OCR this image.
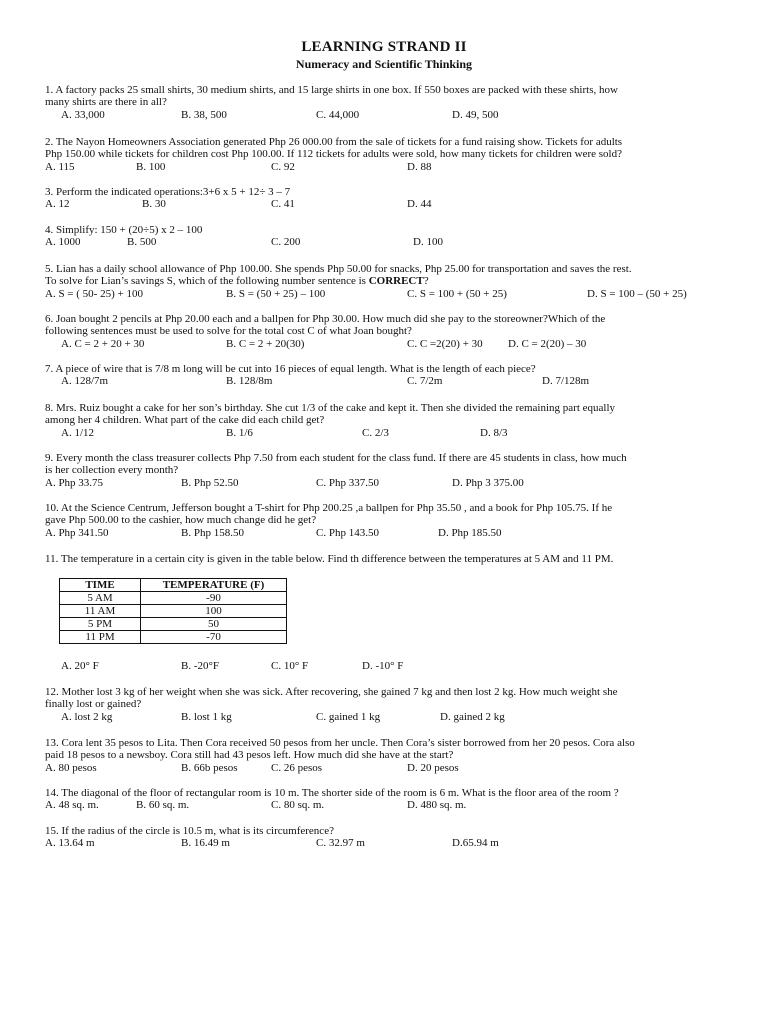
LEARNING STRAND II
Numeracy and Scientific Thinking
1. A factory packs 25 small shirts, 30 medium shirts, and 15 large shirts in one box. If 550 boxes are packed with these shirts, how
many shirts are there in all?
A. 33,000	B. 38, 500	C. 44,000	D. 49, 500
2. The Nayon Homeowners Association generated Php 26 000.00 from the sale of tickets for a fund raising show. Tickets for adults
Php 150.00 while tickets for children cost Php 100.00. If 112 tickets for adults were sold, how many tickets for children were sold?
A. 115	B. 100	C. 92	D. 88
3. Perform the indicated operations:3+6 x 5 + 12÷ 3 – 7
A. 12	B. 30	C. 41	D. 44
4. Simplify: 150 + (20÷5) x 2 – 100
A. 1000	B. 500	C. 200	D. 100
5. Lian has a daily school allowance of Php 100.00. She spends Php 50.00 for snacks, Php 25.00 for transportation and saves the rest.
To solve for Lian’s savings S, which of the following number sentence is CORRECT?
A. S = ( 50- 25) + 100	B. S = (50 + 25) – 100	C. S = 100 + (50 + 25)	D. S = 100 – (50 + 25)
6. Joan bought 2 pencils at Php 20.00 each and a ballpen for Php 30.00. How much did she pay to the storeowner?Which of the
following sentences must be used to solve for the total cost C of what Joan bought?
A. C = 2 + 20 + 30	B. C = 2 + 20(30)	C. C =2(20) + 30 D. C = 2(20) – 30
7. A piece of wire that is 7/8 m long will be cut into 16 pieces of equal length. What is the length of each piece?
A. 128/7m	B. 128/8m	C. 7/2m	D. 7/128m
8. Mrs. Ruiz bought a cake for her son’s birthday. She cut 1/3 of the cake and kept it. Then she divided the remaining part equally
among her 4 children. What part of the cake did each child get?
A. 1/12	B. 1/6	C. 2/3	D. 8/3
9. Every month the class treasurer collects Php 7.50 from each student for the class fund. If there are 45 students in class, how much
is her collection every month?
A. Php 33.75	B. Php 52.50	C. Php 337.50	D. Php 3 375.00
10. At the Science Centrum, Jefferson bought a T-shirt for Php 200.25 ,a ballpen for Php 35.50 , and a book for Php 105.75. If he
gave Php 500.00 to the cashier, how much change did he get?
A. Php 341.50	B. Php 158.50	C. Php 143.50	D. Php 185.50
11. The temperature in a certain city is given in the table below. Find th difference between the temperatures at 5 AM and 11 PM.
TIME	TEMPERATURE (F)
5 AM	-90
11 AM	100
5 PM	50
11 PM	-70
A. 20° F	B. -20°F	C. 10° F	D. -10° F
12. Mother lost 3 kg of her weight when she was sick. After recovering, she gained 7 kg and then lost 2 kg. How much weight she
finally lost or gained?
A. lost 2 kg	B. lost 1 kg	C. gained 1 kg	D. gained 2 kg
13. Cora lent 35 pesos to Lita. Then Cora received 50 pesos from her uncle. Then Cora’s sister borrowed from her 20 pesos. Cora also
paid 18 pesos to a newsboy. Cora still had 43 pesos left. How much did she have at the start?
A. 80 pesos	B. 66b pesos	C. 26 pesos	D. 20 pesos
14. The diagonal of the floor of rectangular room is 10 m. The shorter side of the room is 6 m. What is the floor area of the room ?
A. 48 sq. m.	B. 60 sq. m.	C. 80 sq. m.	D. 480 sq. m.
15. If the radius of the circle is 10.5 m, what is its circumference?
A. 13.64 m	B. 16.49 m	C. 32.97 m	D.65.94 m
